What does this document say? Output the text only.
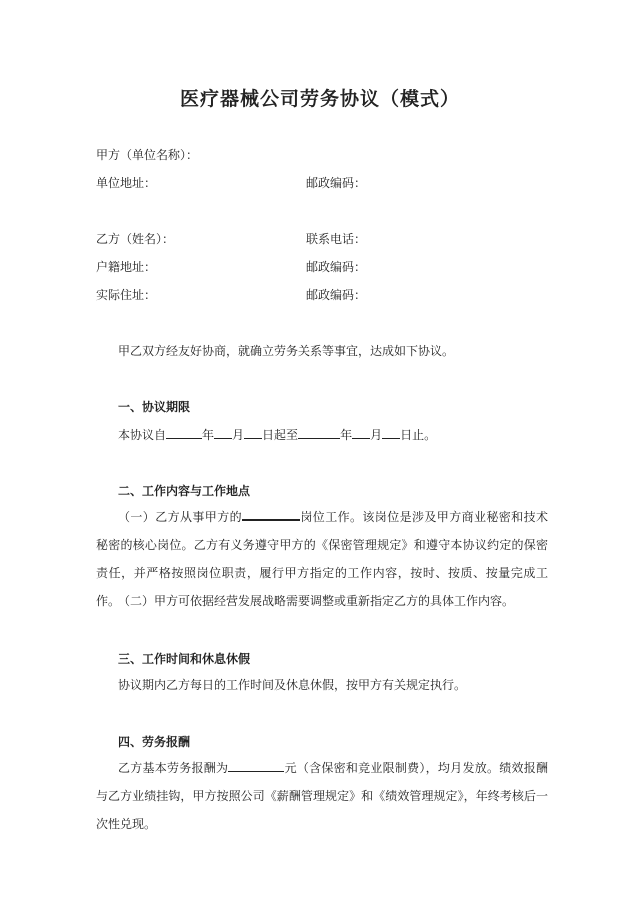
医疗器械公司劳务协议（模式）
甲方（单位名称）：
单位地址：	邮政编码：
乙方（姓名）：	联系电话：
户籍地址：	邮政编码：
实际住址：	邮政编码：
甲乙双方经友好协商，就确立劳务关系等事宜，达成如下协议。
一、协议期限
本协议自	年 月 日起至	年 月 日止。
二、工作内容与工作地点
（一）乙方从事甲方的	岗位工作。该岗位是涉及甲方商业秘密和技术秘密的核心岗位。乙方有义务遵守甲方的《保密管理规定》和遵守本协议约定的保密责任，并严格按照岗位职责，履行甲方指定的工作内容，按时、按质、按量完成工作。
（二）甲方可依据经营发展战略需要调整或重新指定乙方的具体工作内容。
三、工作时间和休息休假
协议期内乙方每日的工作时间及休息休假，按甲方有关规定执行。
四、劳务报酬
乙方基本劳务报酬为	元（含保密和竞业限制费），均月发放。绩效报酬与乙方业绩挂钩，甲方按照公司《薪酬管理规定》和《绩效管理规定》，年终考核后一次性兑现。
